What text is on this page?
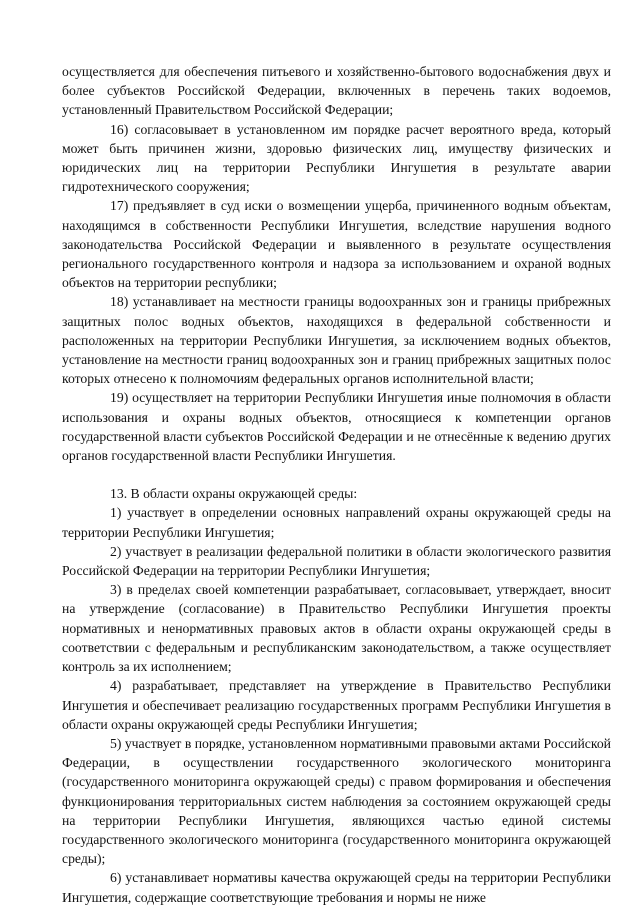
осуществляется для обеспечения питьевого и хозяйственно-бытового водоснабжения двух и более субъектов Российской Федерации, включенных в перечень таких водоемов, установленный Правительством Российской Федерации;

16) согласовывает в установленном им порядке расчет вероятного вреда, который может быть причинен жизни, здоровью физических лиц, имуществу физических и юридических лиц на территории Республики Ингушетия в результате аварии гидротехнического сооружения;

17) предъявляет в суд иски о возмещении ущерба, причиненного водным объектам, находящимся в собственности Республики Ингушетия, вследствие нарушения водного законодательства Российской Федерации и выявленного в результате осуществления регионального государственного контроля и надзора за использованием и охраной водных объектов на территории республики;

18) устанавливает на местности границы водоохранных зон и границы прибрежных защитных полос водных объектов, находящихся в федеральной собственности и расположенных на территории Республики Ингушетия, за исключением водных объектов, установление на местности границ водоохранных зон и границ прибрежных защитных полос которых отнесено к полномочиям федеральных органов исполнительной власти;

19) осуществляет на территории Республики Ингушетия иные полномочия в области использования и охраны водных объектов, относящиеся к компетенции органов государственной власти субъектов Российской Федерации и не отнесённые к ведению других органов государственной власти Республики Ингушетия.

13. В области охраны окружающей среды:

1) участвует в определении основных направлений охраны окружающей среды на территории Республики Ингушетия;

2) участвует в реализации федеральной политики в области экологического развития Российской Федерации на территории Республики Ингушетия;

3) в пределах своей компетенции разрабатывает, согласовывает, утверждает, вносит на утверждение (согласование) в Правительство Республики Ингушетия проекты нормативных и ненормативных правовых актов в области охраны окружающей среды в соответствии с федеральным и республиканским законодательством, а также осуществляет контроль за их исполнением;

4) разрабатывает, представляет на утверждение в Правительство Республики Ингушетия и обеспечивает реализацию государственных программ Республики Ингушетия в области охраны окружающей среды Республики Ингушетия;

5) участвует в порядке, установленном нормативными правовыми актами Российской Федерации, в осуществлении государственного экологического мониторинга (государственного мониторинга окружающей среды) с правом формирования и обеспечения функционирования территориальных систем наблюдения за состоянием окружающей среды на территории Республики Ингушетия, являющихся частью единой системы государственного экологического мониторинга (государственного мониторинга окружающей среды);

6) устанавливает нормативы качества окружающей среды на территории Республики Ингушетия, содержащие соответствующие требования и нормы не ниже
